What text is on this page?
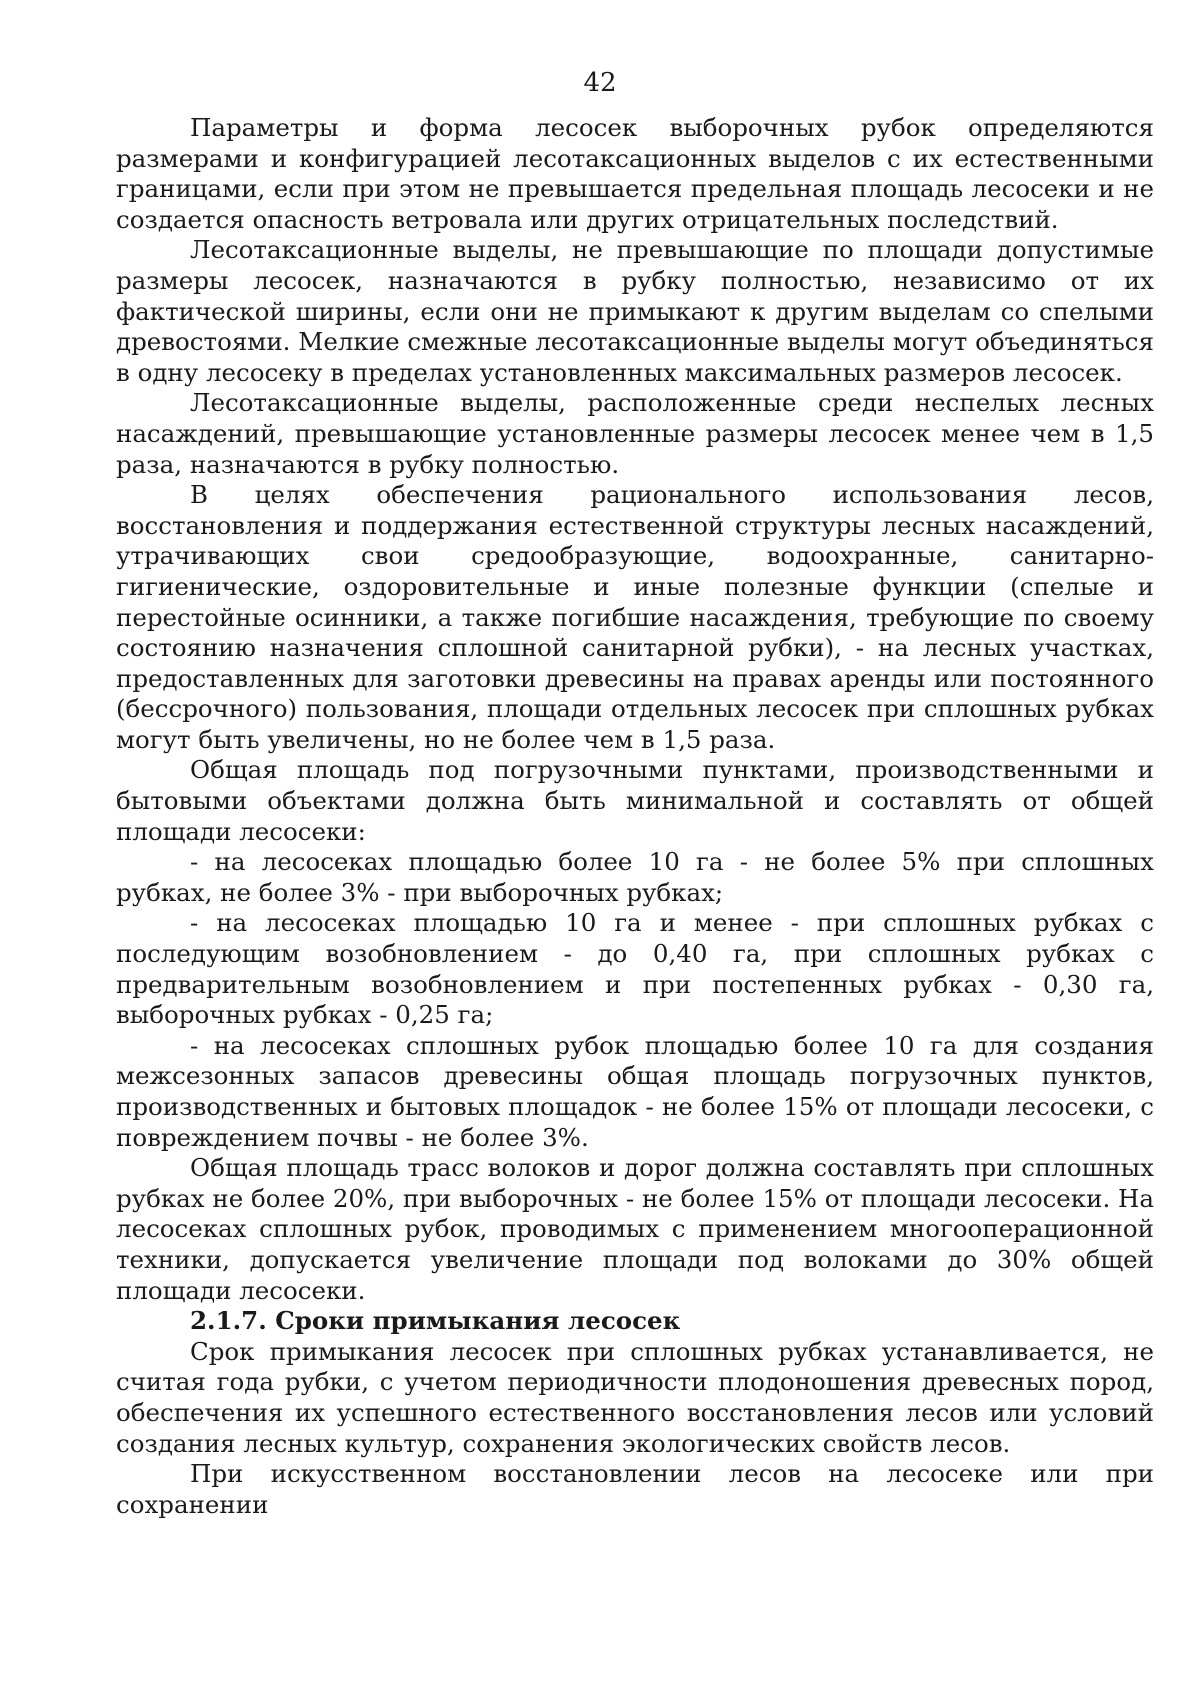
42

Параметры и форма лесосек выборочных рубок определяются размерами и конфигурацией лесотаксационных выделов с их естественными границами, если при этом не превышается предельная площадь лесосеки и не создается опасность ветровала или других отрицательных последствий.

Лесотаксационные выделы, не превышающие по площади допустимые размеры лесосек, назначаются в рубку полностью, независимо от их фактической ширины, если они не примыкают к другим выделам со спелыми древостоями. Мелкие смежные лесотаксационные выделы могут объединяться в одну лесосеку в пределах установленных максимальных размеров лесосек.

Лесотаксационные выделы, расположенные среди неспелых лесных насаждений, превышающие установленные размеры лесосек менее чем в 1,5 раза, назначаются в рубку полностью.

В целях обеспечения рационального использования лесов, восстановления и поддержания естественной структуры лесных насаждений, утрачивающих свои средообразующие, водоохранные, санитарно-гигиенические, оздоровительные и иные полезные функции (спелые и перестойные осинники, а также погибшие насаждения, требующие по своему состоянию назначения сплошной санитарной рубки), - на лесных участках, предоставленных для заготовки древесины на правах аренды или постоянного (бессрочного) пользования, площади отдельных лесосек при сплошных рубках могут быть увеличены, но не более чем в 1,5 раза.

Общая площадь под погрузочными пунктами, производственными и бытовыми объектами должна быть минимальной и составлять от общей площади лесосеки:

- на лесосеках площадью более 10 га - не более 5% при сплошных рубках, не более 3% - при выборочных рубках;

- на лесосеках площадью 10 га и менее - при сплошных рубках с последующим возобновлением - до 0,40 га, при сплошных рубках с предварительным возобновлением и при постепенных рубках - 0,30 га, выборочных рубках - 0,25 га;

- на лесосеках сплошных рубок площадью более 10 га для создания межсезонных запасов древесины общая площадь погрузочных пунктов, производственных и бытовых площадок - не более 15% от площади лесосеки, с повреждением почвы - не более 3%.

Общая площадь трасс волоков и дорог должна составлять при сплошных рубках не более 20%, при выборочных - не более 15% от площади лесосеки. На лесосеках сплошных рубок, проводимых с применением многооперационной техники, допускается увеличение площади под волоками до 30% общей площади лесосеки.

2.1.7. Сроки примыкания лесосек

Срок примыкания лесосек при сплошных рубках устанавливается, не считая года рубки, с учетом периодичности плодоношения древесных пород, обеспечения их успешного естественного восстановления лесов или условий создания лесных культур, сохранения экологических свойств лесов.

При искусственном восстановлении лесов на лесосеке или при сохранении
